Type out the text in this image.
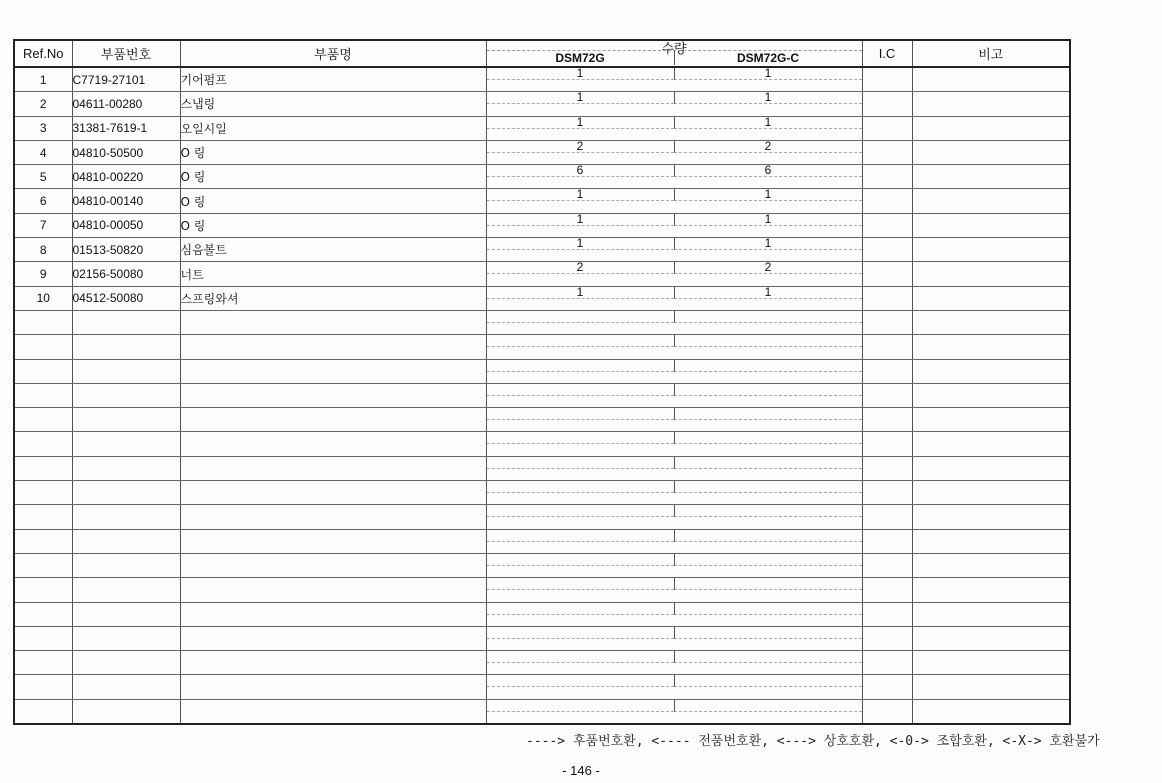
Ref.No	부품번호	부품명	수량
DSM72G DSM72G-C	I.C	비고
1	C7719-27101	기어펌프	1 1		

2	04611-00280	스냅링	1 1		

3	31381-7619-1	오일시일	1 1		

4	04810-50500	O 링	2 2		

5	04810-00220	O 링	6 6		

6	04810-00140	O 링	1 1		

7	04810-00050	O 링	1 1		

8	01513-50820	심음볼트	1 1		

9	02156-50080	너트	2 2		

10	04512-50080	스프링와셔	1 1		

----> 후품번호환, <---- 전품번호환, <---> 상호호환, <-0-> 조합호환, <-X-> 호환불가
- 146 -
